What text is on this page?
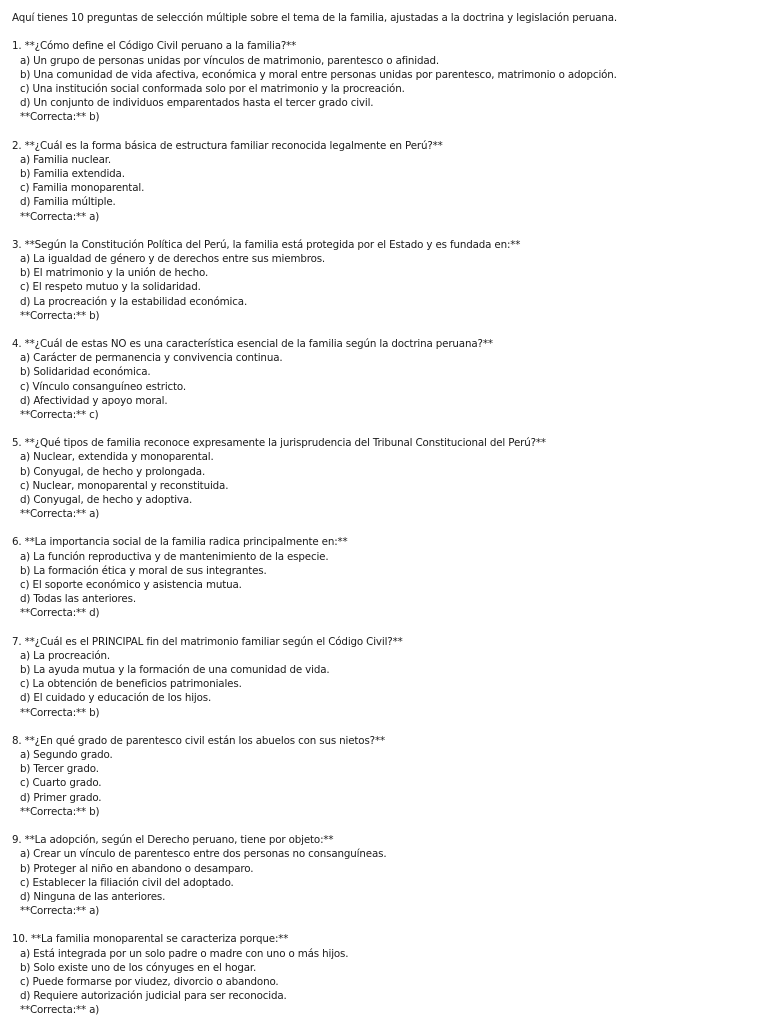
Aquí tienes 10 preguntas de selección múltiple sobre el tema de la familia, ajustadas a la doctrina y legislación peruana.
1. **¿Cómo define el Código Civil peruano a la familia?**
a) Un grupo de personas unidas por vínculos de matrimonio, parentesco o afinidad.
b) Una comunidad de vida afectiva, económica y moral entre personas unidas por parentesco, matrimonio o adopción.
c) Una institución social conformada solo por el matrimonio y la procreación.
d) Un conjunto de individuos emparentados hasta el tercer grado civil.
**Correcta:** b)
2. **¿Cuál es la forma básica de estructura familiar reconocida legalmente en Perú?**
a) Familia nuclear.
b) Familia extendida.
c) Familia monoparental.
d) Familia múltiple.
**Correcta:** a)
3. **Según la Constitución Política del Perú, la familia está protegida por el Estado y es fundada en:**
a) La igualdad de género y de derechos entre sus miembros.
b) El matrimonio y la unión de hecho.
c) El respeto mutuo y la solidaridad.
d) La procreación y la estabilidad económica.
**Correcta:** b)
4. **¿Cuál de estas NO es una característica esencial de la familia según la doctrina peruana?**
a) Carácter de permanencia y convivencia continua.
b) Solidaridad económica.
c) Vínculo consanguíneo estricto.
d) Afectividad y apoyo moral.
**Correcta:** c)
5. **¿Qué tipos de familia reconoce expresamente la jurisprudencia del Tribunal Constitucional del Perú?**
a) Nuclear, extendida y monoparental.
b) Conyugal, de hecho y prolongada.
c) Nuclear, monoparental y reconstituida.
d) Conyugal, de hecho y adoptiva.
**Correcta:** a)
6. **La importancia social de la familia radica principalmente en:**
a) La función reproductiva y de mantenimiento de la especie.
b) La formación ética y moral de sus integrantes.
c) El soporte económico y asistencia mutua.
d) Todas las anteriores.
**Correcta:** d)
7. **¿Cuál es el PRINCIPAL fin del matrimonio familiar según el Código Civil?**
a) La procreación.
b) La ayuda mutua y la formación de una comunidad de vida.
c) La obtención de beneficios patrimoniales.
d) El cuidado y educación de los hijos.
**Correcta:** b)
8. **¿En qué grado de parentesco civil están los abuelos con sus nietos?**
a) Segundo grado.
b) Tercer grado.
c) Cuarto grado.
d) Primer grado.
**Correcta:** b)
9. **La adopción, según el Derecho peruano, tiene por objeto:**
a) Crear un vínculo de parentesco entre dos personas no consanguíneas.
b) Proteger al niño en abandono o desamparo.
c) Establecer la filiación civil del adoptado.
d) Ninguna de las anteriores.
**Correcta:** a)
10. **La familia monoparental se caracteriza porque:**
a) Está integrada por un solo padre o madre con uno o más hijos.
b) Solo existe uno de los cónyuges en el hogar.
c) Puede formarse por viudez, divorcio o abandono.
d) Requiere autorización judicial para ser reconocida.
**Correcta:** a)
